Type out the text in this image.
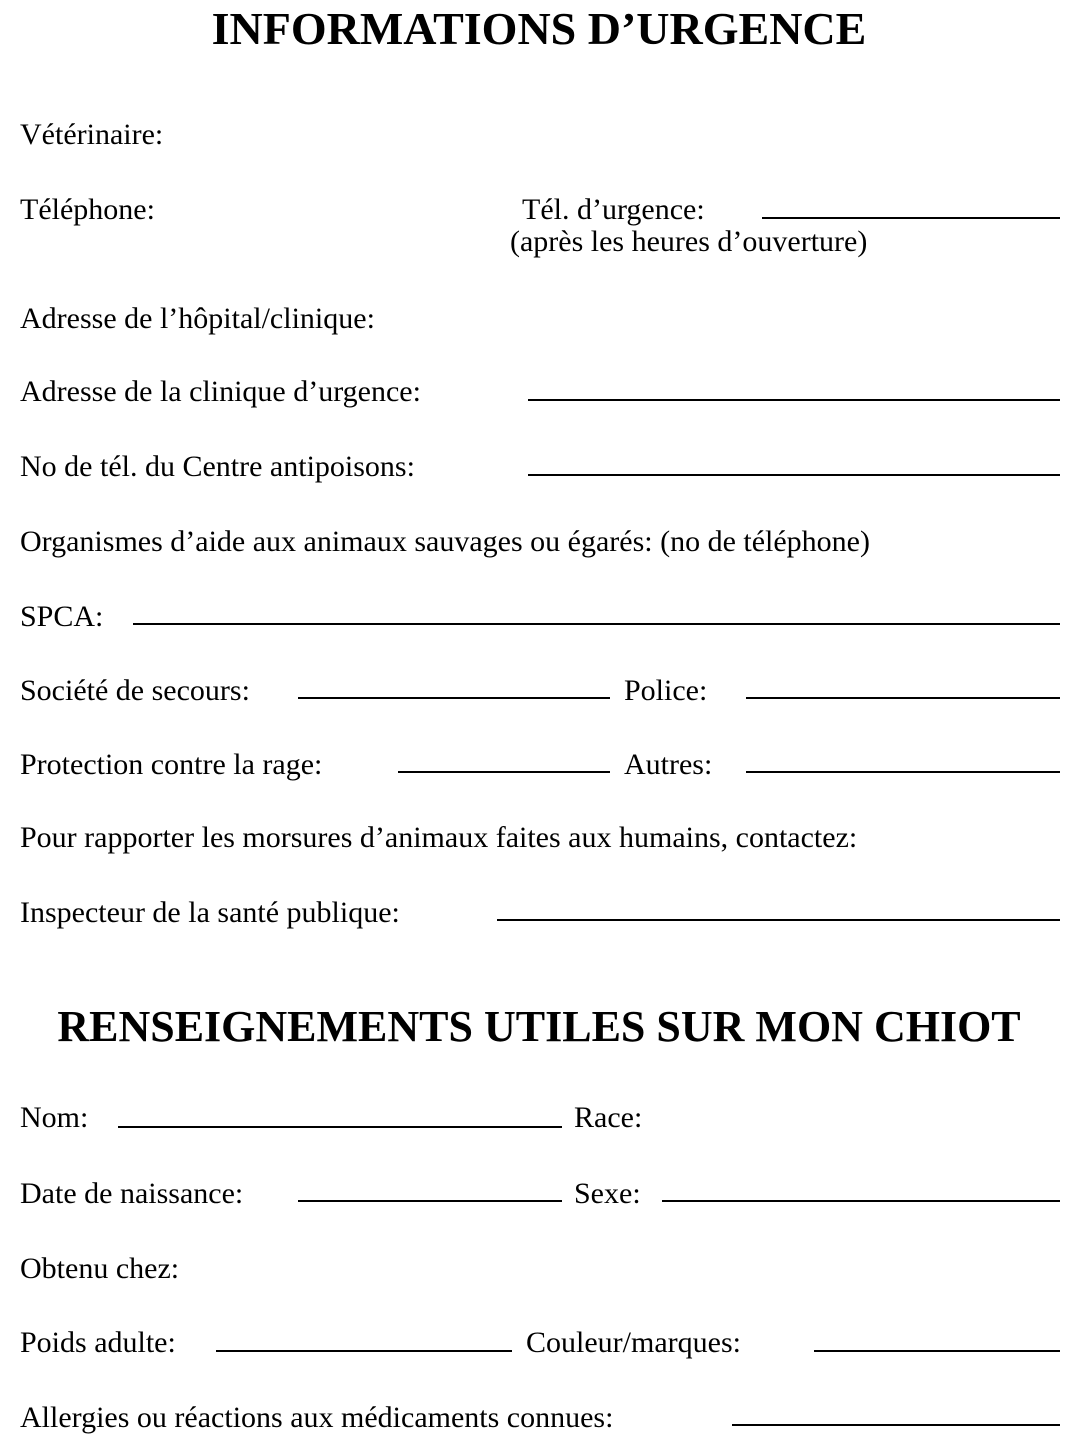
INFORMATIONS D’URGENCE
Vétérinaire:
Téléphone:	Tél. d’urgence:
(après les heures d’ouverture)
Adresse de l’hôpital/clinique:
Adresse de la clinique d’urgence:
No de tél. du Centre antipoisons:
Organismes d’aide aux animaux sauvages ou égarés: (no de téléphone)
SPCA:
Société de secours:	Police:
Protection contre la rage:	Autres:
Pour rapporter les morsures d’animaux faites aux humains, contactez:
Inspecteur de la santé publique:
RENSEIGNEMENTS UTILES SUR MON CHIOT
Nom:	Race:
Date de naissance:	Sexe:
Obtenu chez:
Poids adulte:	Couleur/marques:
Allergies ou réactions aux médicaments connues:
